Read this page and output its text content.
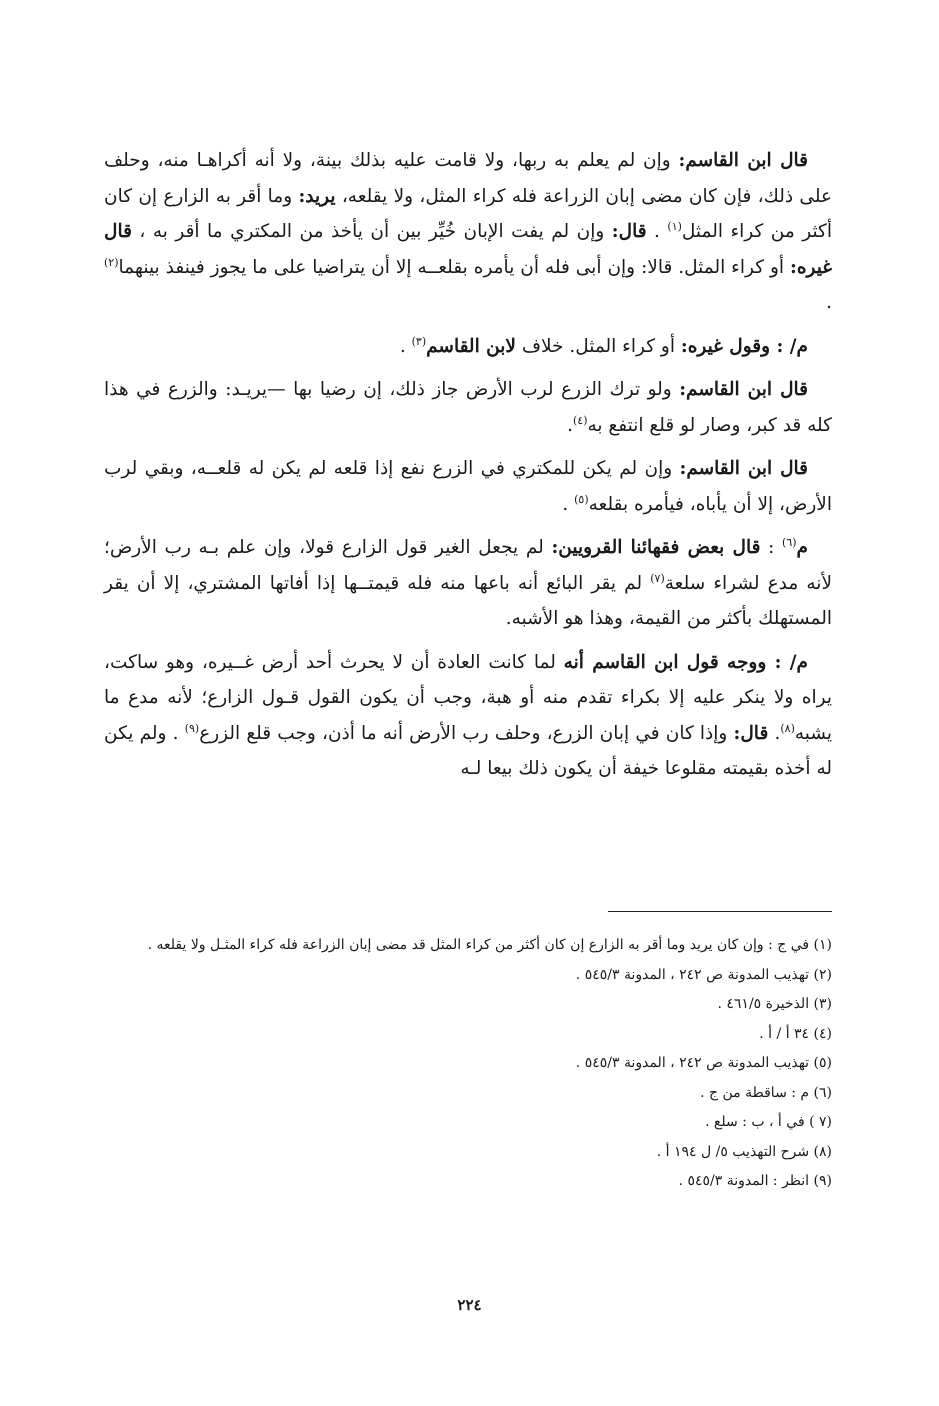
قال ابن القاسم: وإن لم يعلم به ربها، ولا قامت عليه بذلك بينة، ولا أنه أكراهـا منه، وحلف على ذلك، فإن كان مضى إبان الزراعة فله كراء المثل، ولا يقلعه، يريد: وما أقر به الزارع إن كان أكثر من كراء المثل$^{(١)}$ . قال: وإن لم يفت الإبان خُيِّر بين أن يأخذ من المكتري ما أقر به ، قال غيره: أو كراء المثل. قالا: وإن أبى فله أن يأمره بقلعــه إلا أن يتراضيا على ما يجوز فينفذ بينهما$^{(٢)}$ .

م/ : وقول غيره: أو كراء المثل. خلاف لابن القاسم$^{(٣)}$ .

قال ابن القاسم: ولو ترك الزرع لرب الأرض جاز ذلك، إن رضيا بها —يريـد: والزرع في هذا كله قد كبر، وصار لو قلع انتفع به$^{(٤)}$.

قال ابن القاسم: وإن لم يكن للمكتري في الزرع نفع إذا قلعه لم يكن له قلعــه، وبقي لرب الأرض، إلا أن يأباه، فيأمره بقلعه$^{(٥)}$ .

م$^{(٦)}$ : قال بعض فقهائنا القرويين: لم يجعل الغير قول الزارع قولا، وإن علم بـه رب الأرض؛ لأنه مدع لشراء سلعة$^{(٧)}$ لم يقر البائع أنه باعها منه فله قيمتــها إذا أفاتها المشتري، إلا أن يقر المستهلك بأكثر من القيمة، وهذا هو الأشبه.

م/ : ووجه قول ابن القاسم أنه لما كانت العادة أن لا يحرث أحد أرض غــيره، وهو ساكت، يراه ولا ينكر عليه إلا بكراء تقدم منه أو هبة، وجب أن يكون القول قـول الزارع؛ لأنه مدع ما يشبه$^{(٨)}$. قال: وإذا كان في إبان الزرع، وحلف رب الأرض أنه ما أذن، وجب قلع الزرع$^{(٩)}$ . ولم يكن له أخذه بقيمته مقلوعا خيفة أن يكون ذلك بيعا لـه

(١) في ج : وإن كان يريد وما أقر به الزارع إن كان أكثر من كراء المثل قد مضى إبان الزراعة فله كراء المثـل ولا يقلعه .

(٢) تهذيب المدونة ص ٢٤٢ ، المدونة ٥٤٥/٣ .

(٣) الذخيرة ٤٦١/٥ .

(٤) ٣٤ أ / أ .

(٥) تهذيب المدونة ص ٢٤٢ ، المدونة ٥٤٥/٣ .

(٦) م : ساقطة من ج .

(٧ ) في أ ، ب : سلع .

(٨) شرح التهذيب ٥/ ل ١٩٤ أ .

(٩) انظر : المدونة ٥٤٥/٣ .

٢٢٤
